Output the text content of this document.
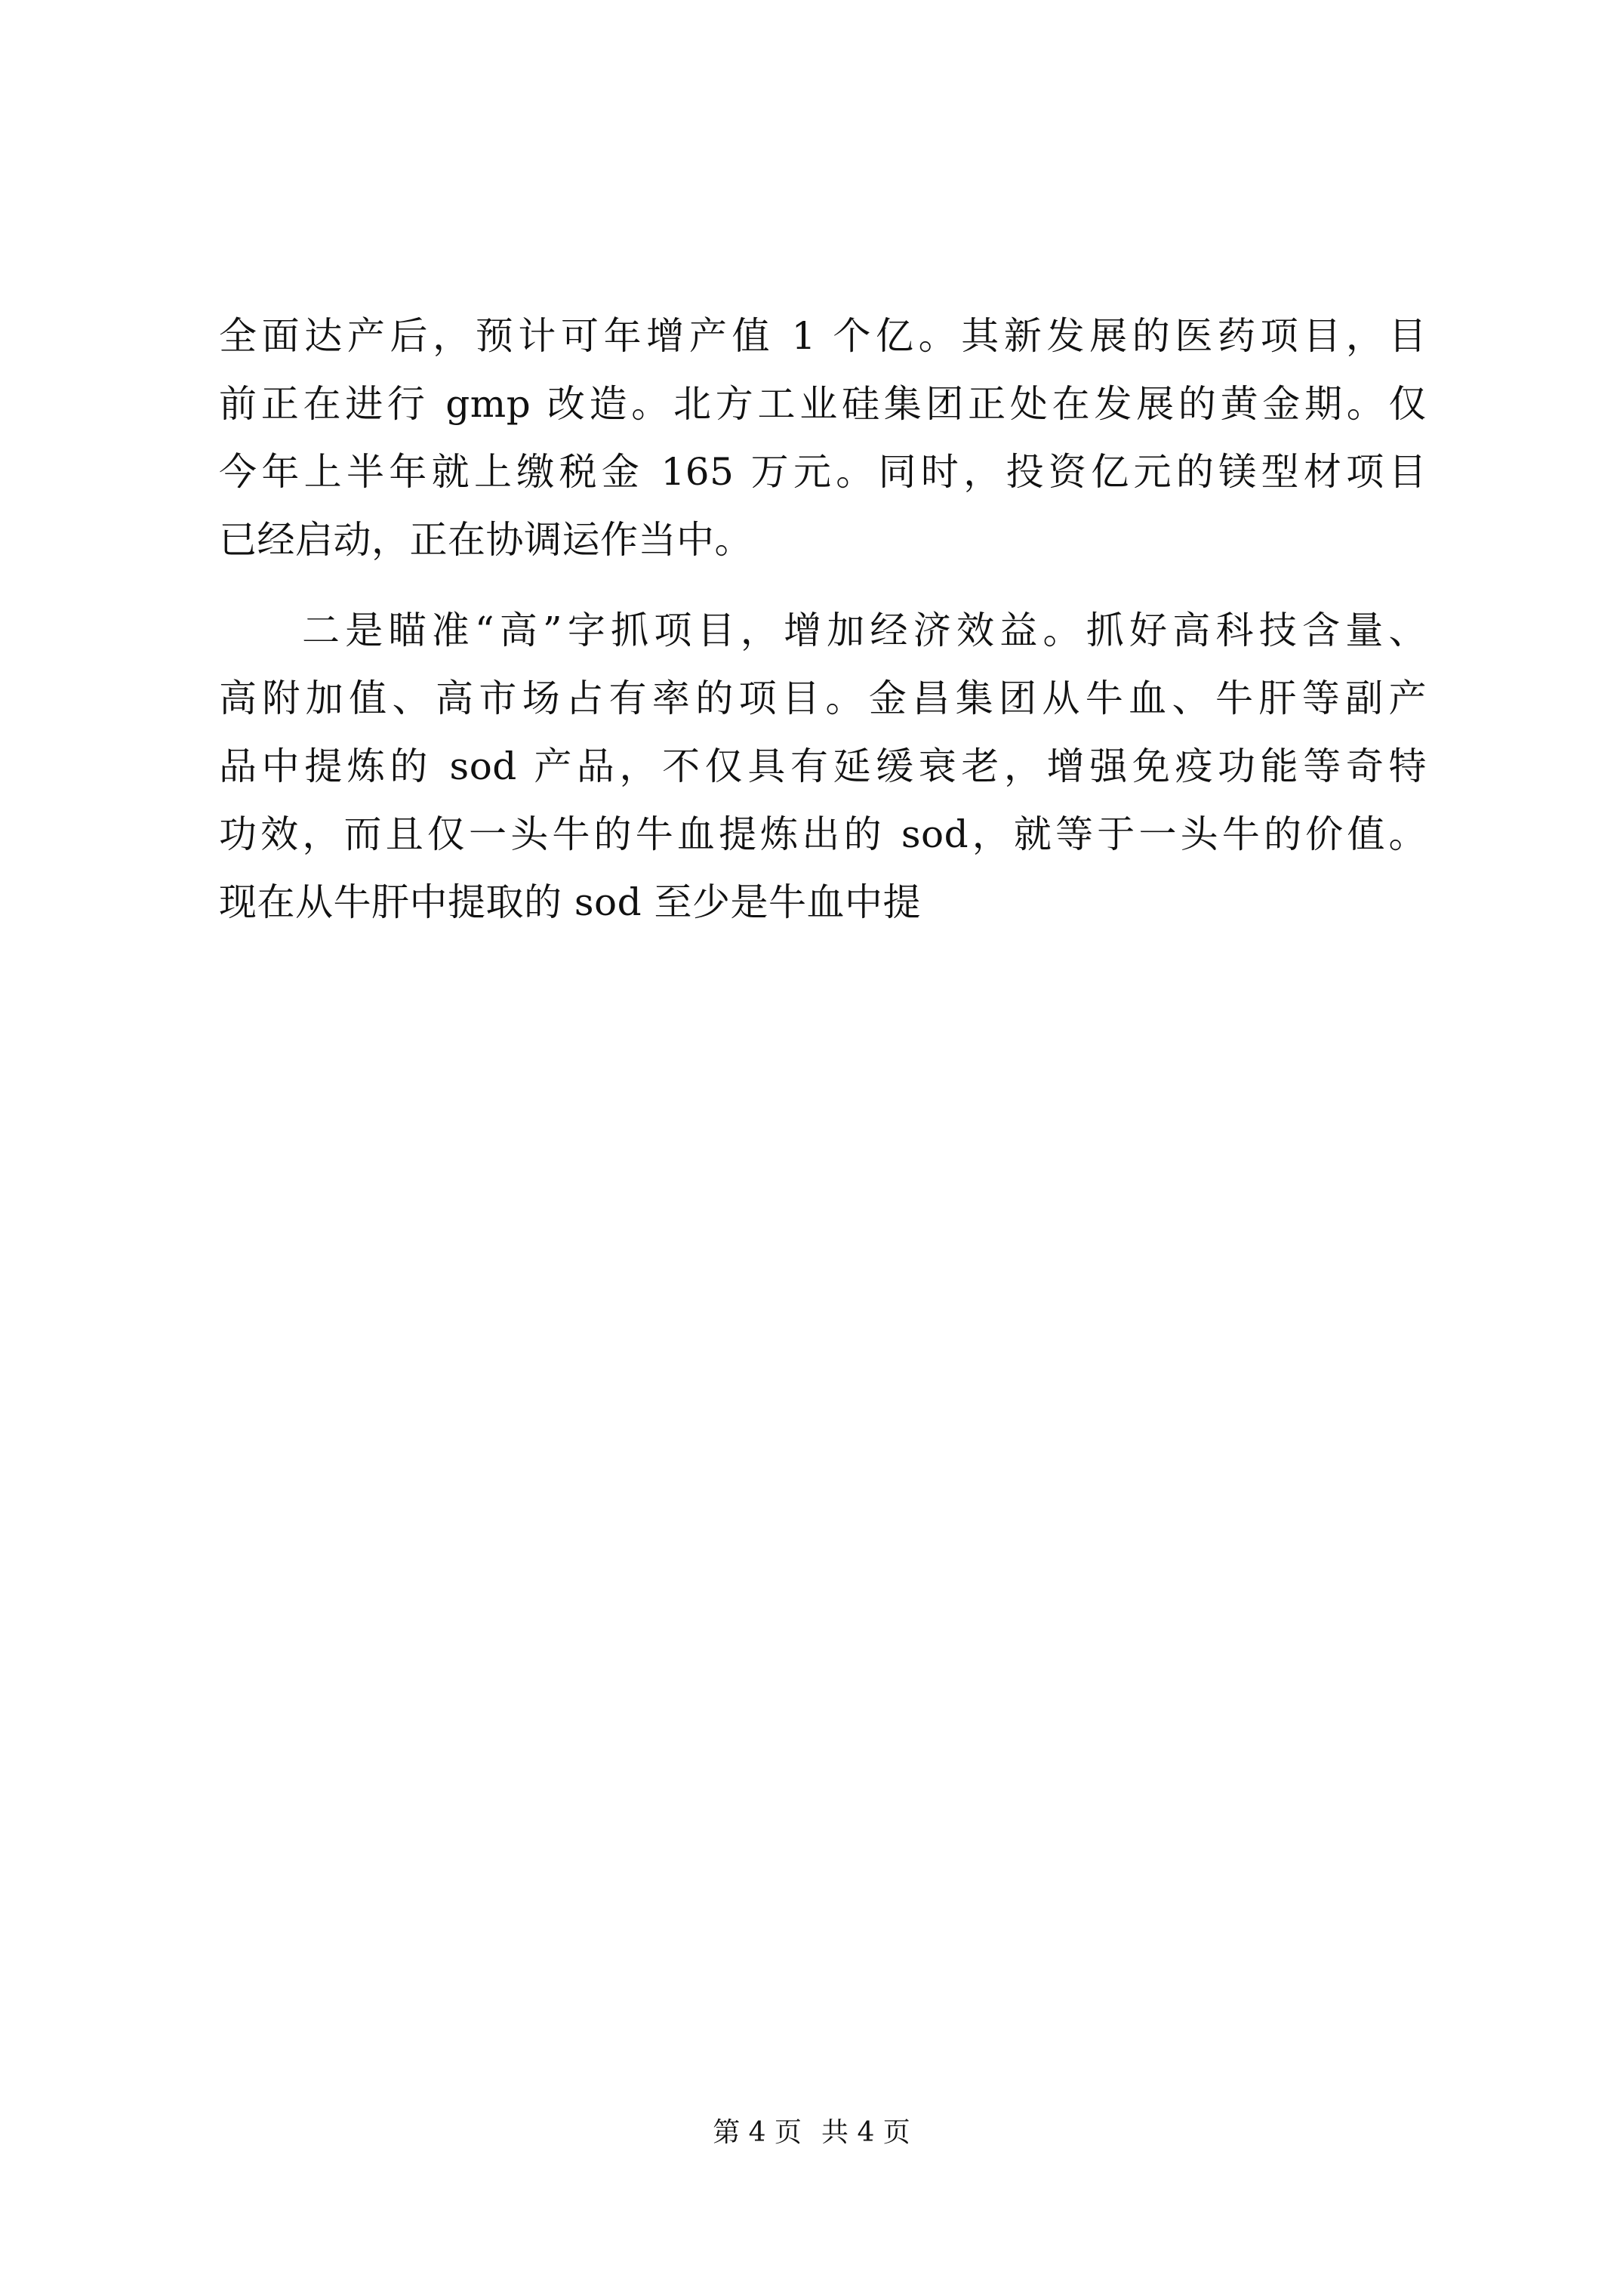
全面达产后，预计可年增产值 1 个亿。其新发展的医药项目，目
前正在进行 gmp 改造。北方工业硅集团正处在发展的黄金期。仅
今年上半年就上缴税金 165 万元。同时，投资亿元的镁型材项目
已经启动，正在协调运作当中。
二是瞄准“高”字抓项目，增加经济效益。抓好高科技含量、
高附加值、高市场占有率的项目。金昌集团从牛血、牛肝等副产
品中提炼的 sod 产品，不仅具有延缓衰老，增强免疫功能等奇特
功效，而且仅一头牛的牛血提炼出的 sod，就等于一头牛的价值。
现在从牛肝中提取的 sod 至少是牛血中提
第 4 页 共 4 页
